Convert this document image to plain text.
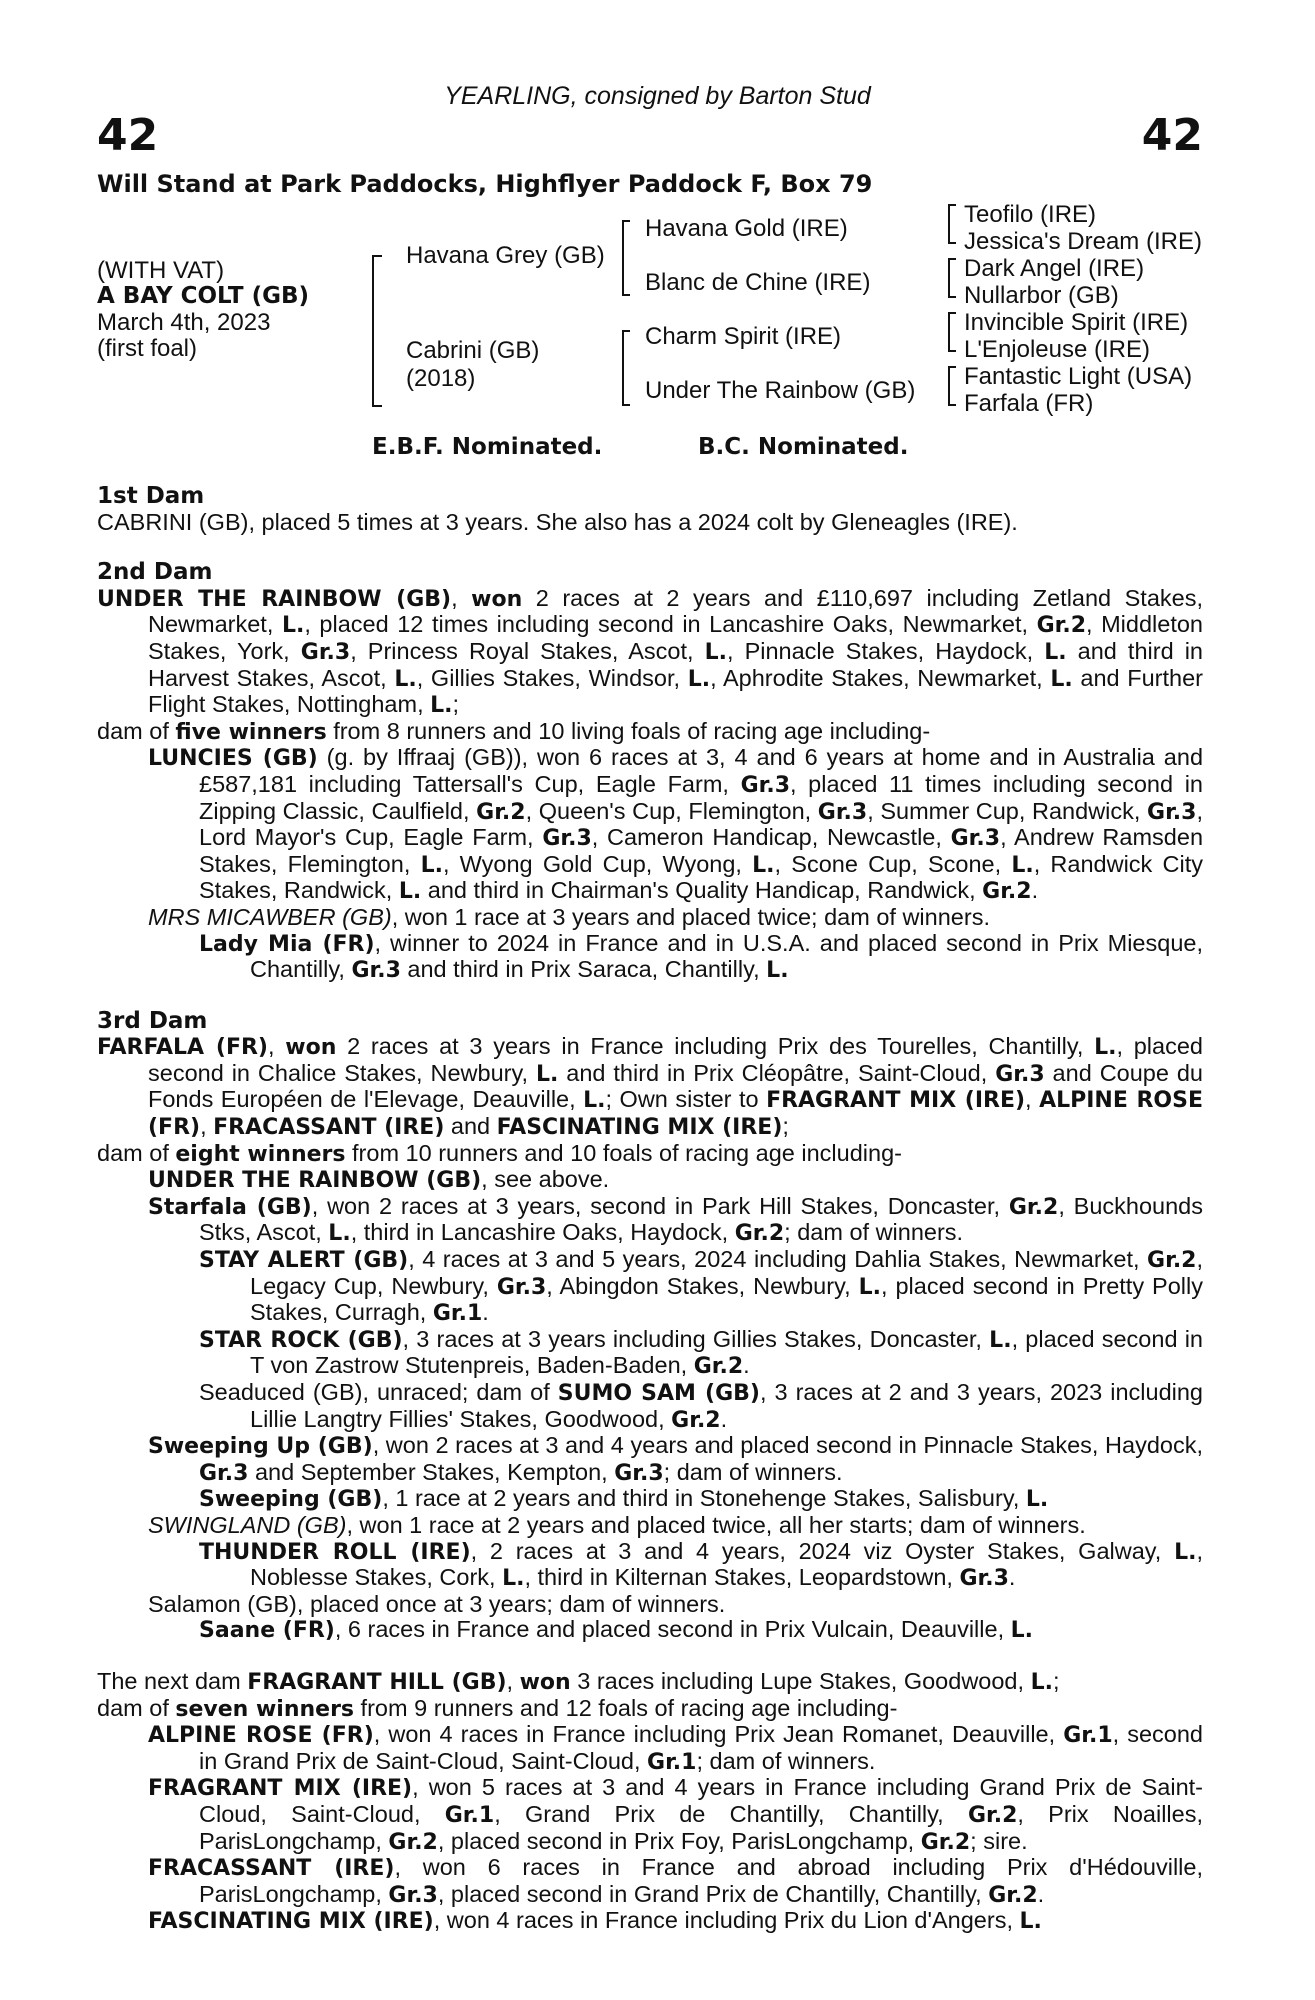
42	42
YEARLING, consigned by Barton Stud
Will Stand at Park Paddocks, Highflyer Paddock F, Box 79
(WITH VAT)
A BAY COLT (GB)
March 4th, 2023
(first foal)
Havana Grey (GB)
Cabrini (GB)
(2018)
Havana Gold (IRE)
Blanc de Chine (IRE)
Charm Spirit (IRE)
Under The Rainbow (GB)
Teofilo (IRE)
Jessica's Dream (IRE)
Dark Angel (IRE)
Nullarbor (GB)
Invincible Spirit (IRE)
L'Enjoleuse (IRE)
Fantastic Light (USA)
Farfala (FR)
E.B.F. Nominated.	B.C. Nominated.
1st Dam

CABRINI (GB), placed 5 times at 3 years. She also has a 2024 colt by Gleneagles (IRE).

2nd Dam

UNDER THE RAINBOW (GB), won 2 races at 2 years and £110,697 including Zetland Stakes, Newmarket, L., placed 12 times including second in Lancashire Oaks, Newmarket, Gr.2, Middleton Stakes, York, Gr.3, Princess Royal Stakes, Ascot, L., Pinnacle Stakes, Haydock, L. and third in Harvest Stakes, Ascot, L., Gillies Stakes, Windsor, L., Aphrodite Stakes, Newmarket, L. and Further Flight Stakes, Nottingham, L.;

dam of five winners from 8 runners and 10 living foals of racing age including-

LUNCIES (GB) (g. by Iffraaj (GB)), won 6 races at 3, 4 and 6 years at home and in Australia and £587,181 including Tattersall's Cup, Eagle Farm, Gr.3, placed 11 times including second in Zipping Classic, Caulfield, Gr.2, Queen's Cup, Flemington, Gr.3, Summer Cup, Randwick, Gr.3, Lord Mayor's Cup, Eagle Farm, Gr.3, Cameron Handicap, Newcastle, Gr.3, Andrew Ramsden Stakes, Flemington, L., Wyong Gold Cup, Wyong, L., Scone Cup, Scone, L., Randwick City Stakes, Randwick, L. and third in Chairman's Quality Handicap, Randwick, Gr.2.

MRS MICAWBER (GB), won 1 race at 3 years and placed twice; dam of winners.

Lady Mia (FR), winner to 2024 in France and in U.S.A. and placed second in Prix Miesque, Chantilly, Gr.3 and third in Prix Saraca, Chantilly, L.

3rd Dam

FARFALA (FR), won 2 races at 3 years in France including Prix des Tourelles, Chantilly, L., placed second in Chalice Stakes, Newbury, L. and third in Prix Cléopâtre, Saint-Cloud, Gr.3 and Coupe du Fonds Européen de l'Elevage, Deauville, L.; Own sister to FRAGRANT MIX (IRE), ALPINE ROSE (FR), FRACASSANT (IRE) and FASCINATING MIX (IRE);

dam of eight winners from 10 runners and 10 foals of racing age including-

UNDER THE RAINBOW (GB), see above.

Starfala (GB), won 2 races at 3 years, second in Park Hill Stakes, Doncaster, Gr.2, Buckhounds Stks, Ascot, L., third in Lancashire Oaks, Haydock, Gr.2; dam of winners.

STAY ALERT (GB), 4 races at 3 and 5 years, 2024 including Dahlia Stakes, Newmarket, Gr.2, Legacy Cup, Newbury, Gr.3, Abingdon Stakes, Newbury, L., placed second in Pretty Polly Stakes, Curragh, Gr.1.

STAR ROCK (GB), 3 races at 3 years including Gillies Stakes, Doncaster, L., placed second in T von Zastrow Stutenpreis, Baden-Baden, Gr.2.

Seaduced (GB), unraced; dam of SUMO SAM (GB), 3 races at 2 and 3 years, 2023 including Lillie Langtry Fillies' Stakes, Goodwood, Gr.2.

Sweeping Up (GB), won 2 races at 3 and 4 years and placed second in Pinnacle Stakes, Haydock, Gr.3 and September Stakes, Kempton, Gr.3; dam of winners.

Sweeping (GB), 1 race at 2 years and third in Stonehenge Stakes, Salisbury, L.

SWINGLAND (GB), won 1 race at 2 years and placed twice, all her starts; dam of winners.

THUNDER ROLL (IRE), 2 races at 3 and 4 years, 2024 viz Oyster Stakes, Galway, L., Noblesse Stakes, Cork, L., third in Kilternan Stakes, Leopardstown, Gr.3.

Salamon (GB), placed once at 3 years; dam of winners.

Saane (FR), 6 races in France and placed second in Prix Vulcain, Deauville, L.

The next dam FRAGRANT HILL (GB), won 3 races including Lupe Stakes, Goodwood, L.;

dam of seven winners from 9 runners and 12 foals of racing age including-

ALPINE ROSE (FR), won 4 races in France including Prix Jean Romanet, Deauville, Gr.1, second in Grand Prix de Saint-Cloud, Saint-Cloud, Gr.1; dam of winners.

FRAGRANT MIX (IRE), won 5 races at 3 and 4 years in France including Grand Prix de Saint-Cloud, Saint-Cloud, Gr.1, Grand Prix de Chantilly, Chantilly, Gr.2, Prix Noailles, ParisLongchamp, Gr.2, placed second in Prix Foy, ParisLongchamp, Gr.2; sire.

FRACASSANT (IRE), won 6 races in France and abroad including Prix d'Hédouville, ParisLongchamp, Gr.3, placed second in Grand Prix de Chantilly, Chantilly, Gr.2.

FASCINATING MIX (IRE), won 4 races in France including Prix du Lion d'Angers, L.
